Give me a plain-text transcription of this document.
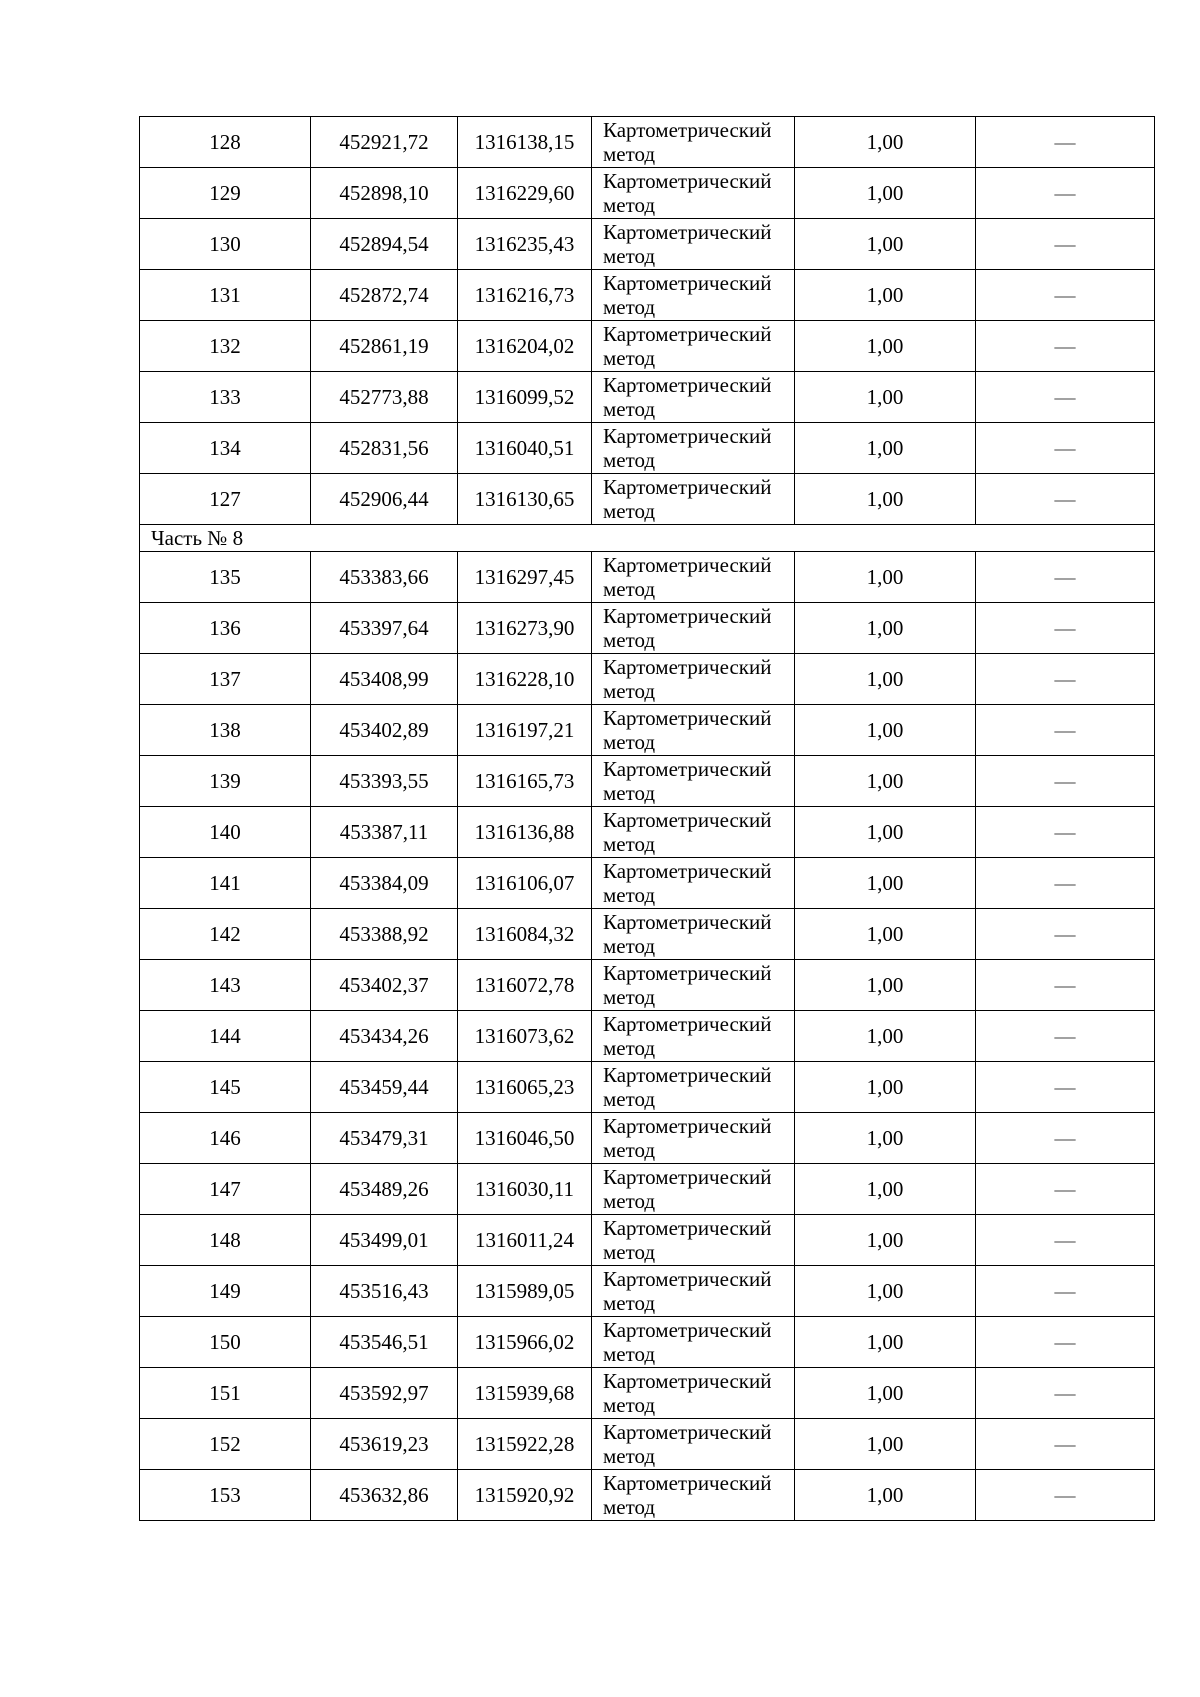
128	452921,72	1316138,15	Картометрический
метод	1,00	—
129	452898,10	1316229,60	Картометрический
метод	1,00	—
130	452894,54	1316235,43	Картометрический
метод	1,00	—
131	452872,74	1316216,73	Картометрический
метод	1,00	—
132	452861,19	1316204,02	Картометрический
метод	1,00	—
133	452773,88	1316099,52	Картометрический
метод	1,00	—
134	452831,56	1316040,51	Картометрический
метод	1,00	—
127	452906,44	1316130,65	Картометрический
метод	1,00	—
Часть № 8					
135	453383,66	1316297,45	Картометрический
метод	1,00	—
136	453397,64	1316273,90	Картометрический
метод	1,00	—
137	453408,99	1316228,10	Картометрический
метод	1,00	—
138	453402,89	1316197,21	Картометрический
метод	1,00	—
139	453393,55	1316165,73	Картометрический
метод	1,00	—
140	453387,11	1316136,88	Картометрический
метод	1,00	—
141	453384,09	1316106,07	Картометрический
метод	1,00	—
142	453388,92	1316084,32	Картометрический
метод	1,00	—
143	453402,37	1316072,78	Картометрический
метод	1,00	—
144	453434,26	1316073,62	Картометрический
метод	1,00	—
145	453459,44	1316065,23	Картометрический
метод	1,00	—
146	453479,31	1316046,50	Картометрический
метод	1,00	—
147	453489,26	1316030,11	Картометрический
метод	1,00	—
148	453499,01	1316011,24	Картометрический
метод	1,00	—
149	453516,43	1315989,05	Картометрический
метод	1,00	—
150	453546,51	1315966,02	Картометрический
метод	1,00	—
151	453592,97	1315939,68	Картометрический
метод	1,00	—
152	453619,23	1315922,28	Картометрический
метод	1,00	—
153	453632,86	1315920,92	Картометрический
метод	1,00	—
